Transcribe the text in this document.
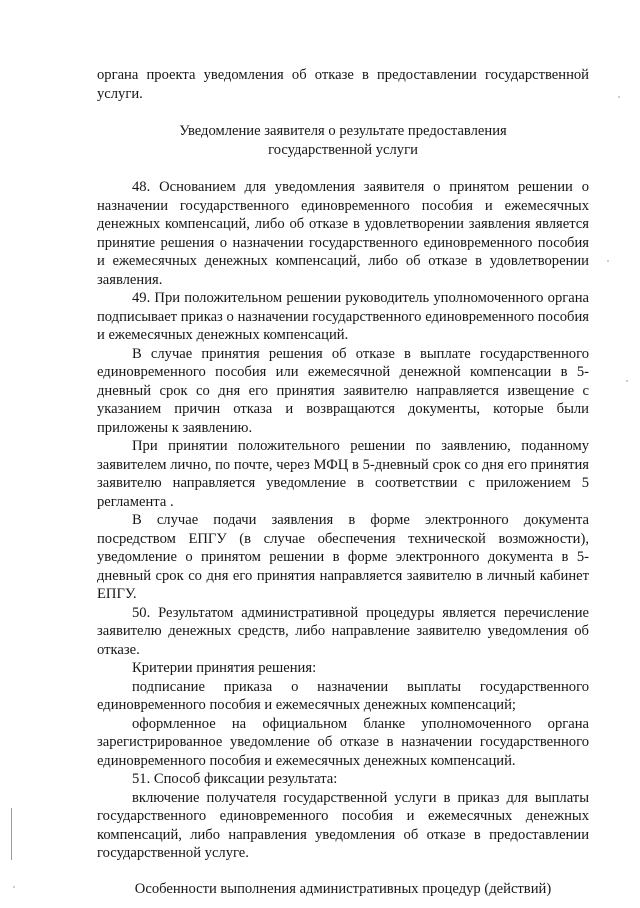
органа проекта уведомления об отказе в предоставлении государственной услуги.

Уведомление заявителя о результате предоставления

государственной услуги

48. Основанием для уведомления заявителя о принятом решении о назначении государственного единовременного пособия и ежемесячных денежных компенсаций, либо об отказе в удовлетворении заявления является принятие решения о назначении государственного единовременного пособия и ежемесячных денежных компенсаций, либо об отказе в удовлетворении заявления.

49. При положительном решении руководитель уполномоченного органа подписывает приказ о назначении государственного единовременного пособия и ежемесячных денежных компенсаций.

В случае принятия решения об отказе в выплате государственного единовременного пособия или ежемесячной денежной компенсации в 5-дневный срок со дня его принятия заявителю направляется извещение с указанием причин отказа и возвращаются документы, которые были приложены к заявлению.

При принятии положительного решении по заявлению, поданному заявителем лично, по почте, через МФЦ в 5-дневный срок со дня его принятия заявителю направляется уведомление в соответствии с приложением 5 регламента .

В случае подачи заявления в форме электронного документа посредством ЕПГУ (в случае обеспечения технической возможности), уведомление о принятом решении в форме электронного документа в 5-дневный срок со дня его принятия направляется заявителю в личный кабинет ЕПГУ.

50. Результатом административной процедуры является перечисление заявителю денежных средств, либо направление заявителю уведомления об отказе.

Критерии принятия решения:

подписание приказа о назначении выплаты государственного единовременного пособия и ежемесячных денежных компенсаций;

оформленное на официальном бланке уполномоченного органа зарегистрированное уведомление об отказе в назначении государственного единовременного пособия и ежемесячных денежных компенсаций.

51. Способ фиксации результата:

включение получателя государственной услуги в приказ для выплаты государственного единовременного пособия и ежемесячных денежных компенсаций, либо направления уведомления об отказе в предоставлении государственной услуге.

Особенности выполнения административных процедур (действий)
